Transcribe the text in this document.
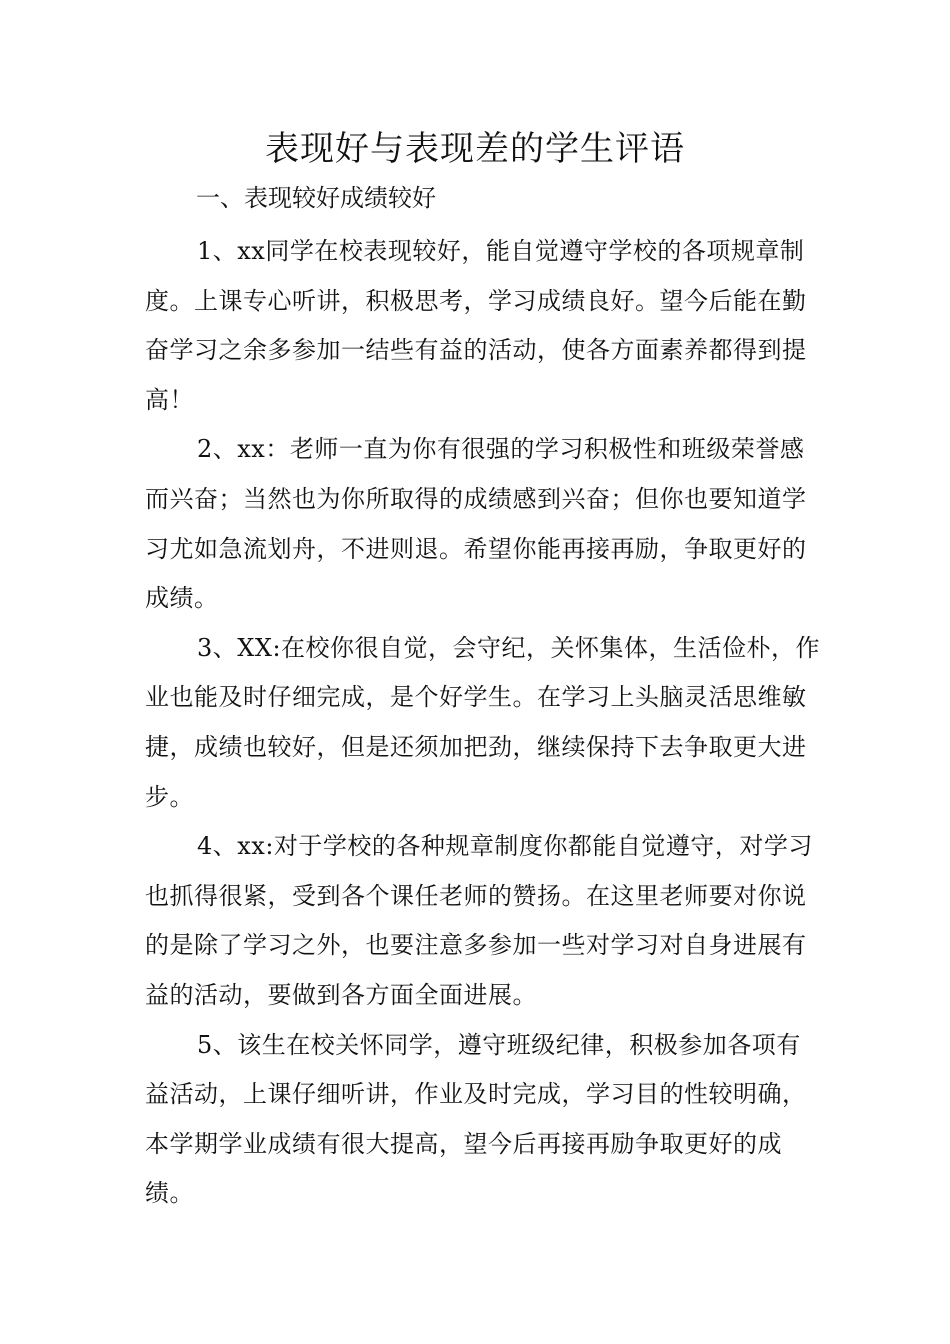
表现好与表现差的学生评语
一、表现较好成绩较好

1、xx同学在校表现较好，能自觉遵守学校的各项规章制度。上课专心听讲，积极思考，学习成绩良好。望今后能在勤奋学习之余多参加一结些有益的活动，使各方面素养都得到提高！

2、xx：老师一直为你有很强的学习积极性和班级荣誉感而兴奋；当然也为你所取得的成绩感到兴奋；但你也要知道学习尤如急流划舟，不进则退。希望你能再接再励，争取更好的成绩。

3、XX:在校你很自觉，会守纪，关怀集体，生活俭朴，作业也能及时仔细完成，是个好学生。在学习上头脑灵活思维敏捷，成绩也较好，但是还须加把劲，继续保持下去争取更大进步。

4、xx:对于学校的各种规章制度你都能自觉遵守，对学习也抓得很紧，受到各个课任老师的赞扬。在这里老师要对你说的是除了学习之外，也要注意多参加一些对学习对自身进展有益的活动，要做到各方面全面进展。

5、该生在校关怀同学，遵守班级纪律，积极参加各项有益活动，上课仔细听讲，作业及时完成，学习目的性较明确，本学期学业成绩有很大提高，望今后再接再励争取更好的成绩。
